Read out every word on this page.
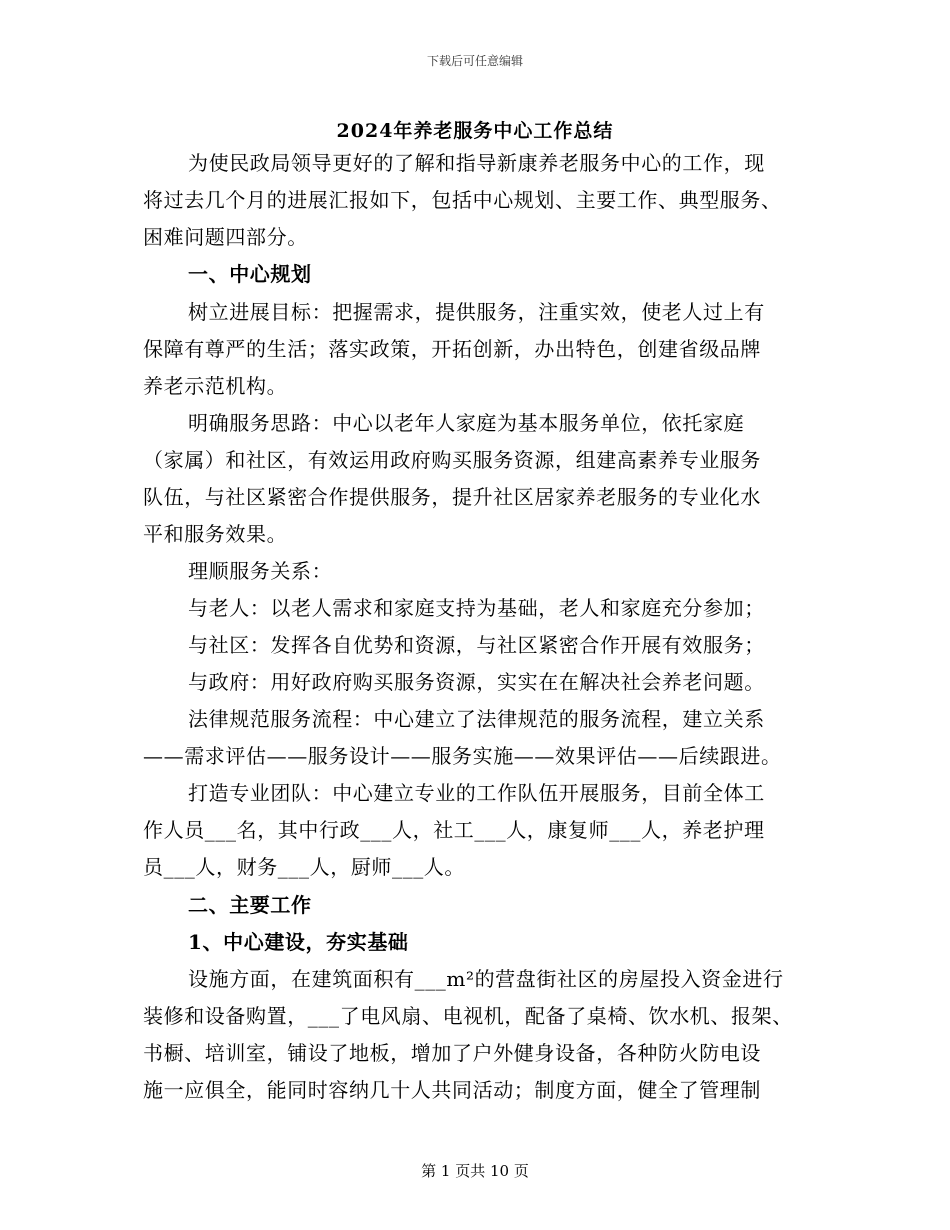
下载后可任意编辑
2024年养老服务中心工作总结
为使民政局领导更好的了解和指导新康养老服务中心的工作，现
将过去几个月的进展汇报如下，包括中心规划、主要工作、典型服务、
困难问题四部分。
一、中心规划
树立进展目标：把握需求，提供服务，注重实效，使老人过上有
保障有尊严的生活；落实政策，开拓创新，办出特色，创建省级品牌
养老示范机构。
明确服务思路：中心以老年人家庭为基本服务单位，依托家庭
（家属）和社区，有效运用政府购买服务资源，组建高素养专业服务
队伍，与社区紧密合作提供服务，提升社区居家养老服务的专业化水
平和服务效果。
理顺服务关系：
与老人：以老人需求和家庭支持为基础，老人和家庭充分参加；
与社区：发挥各自优势和资源，与社区紧密合作开展有效服务；
与政府：用好政府购买服务资源，实实在在解决社会养老问题。
法律规范服务流程：中心建立了法律规范的服务流程，建立关系
——需求评估——服务设计——服务实施——效果评估——后续跟进。
打造专业团队：中心建立专业的工作队伍开展服务，目前全体工
作人员___名，其中行政___人，社工___人，康复师___人，养老护理
员___人，财务___人，厨师___人。
二、主要工作
1、中心建设，夯实基础
设施方面，在建筑面积有___m²的营盘街社区的房屋投入资金进行
装修和设备购置，___了电风扇、电视机，配备了桌椅、饮水机、报架、
书橱、培训室，铺设了地板，增加了户外健身设备，各种防火防电设
施一应俱全，能同时容纳几十人共同活动；制度方面，健全了管理制
第 1 页共 10 页
